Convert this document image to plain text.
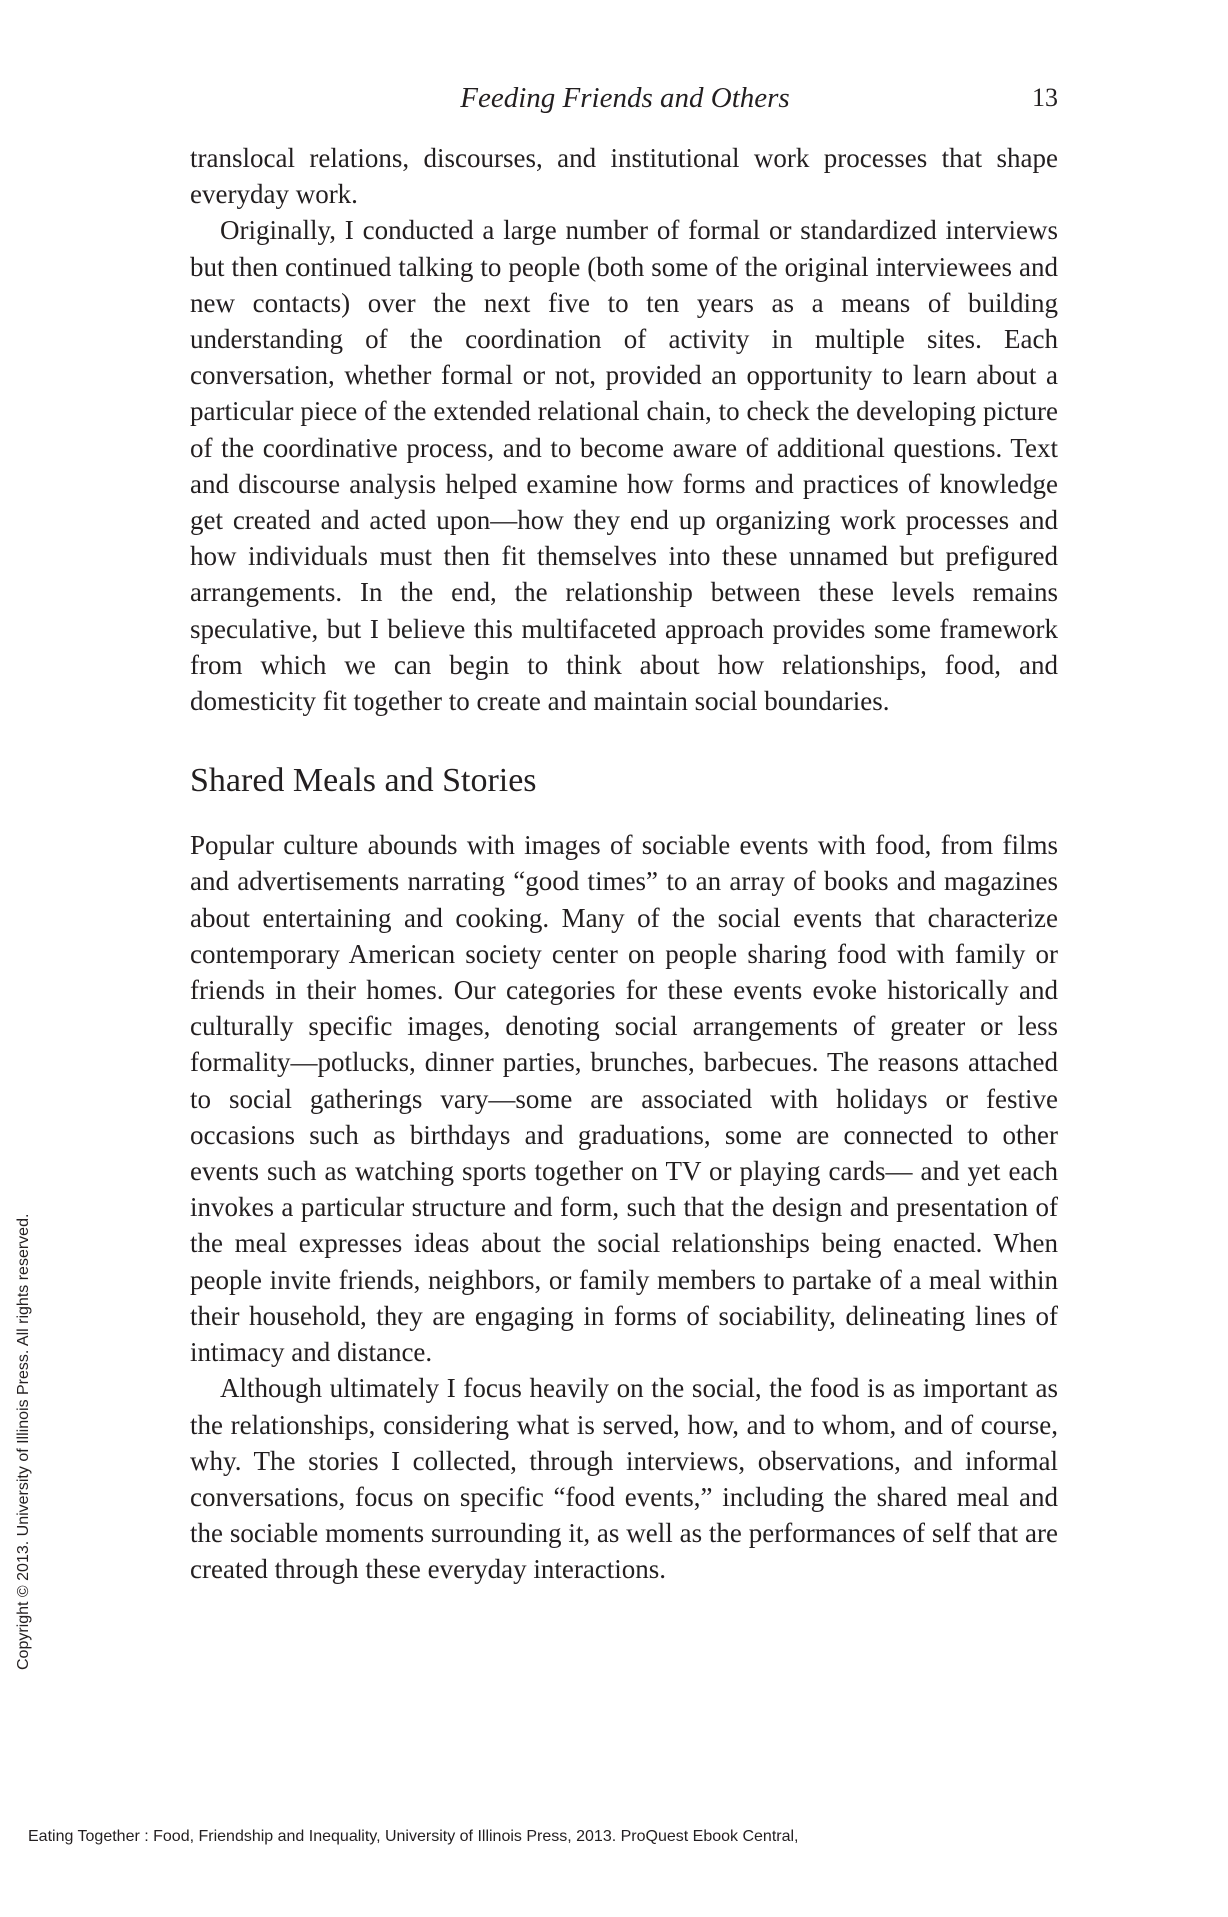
Feeding Friends and Others	13

translocal relations, discourses, and institutional work processes that shape everyday work.

Originally, I conducted a large number of formal or standardized interviews but then continued talking to people (both some of the original interviewees and new contacts) over the next five to ten years as a means of building understanding of the coordination of activity in multiple sites. Each conversation, whether formal or not, provided an opportunity to learn about a particular piece of the extended relational chain, to check the developing picture of the coordinative process, and to become aware of additional questions. Text and discourse analysis helped examine how forms and practices of knowledge get created and acted upon—how they end up organizing work processes and how individuals must then fit themselves into these unnamed but prefigured arrangements. In the end, the relationship between these levels remains speculative, but I believe this multifaceted approach provides some framework from which we can begin to think about how relationships, food, and domesticity fit together to create and maintain social boundaries.

Shared Meals and Stories

Popular culture abounds with images of sociable events with food, from films and advertisements narrating “good times” to an array of books and magazines about entertaining and cooking. Many of the social events that characterize contemporary American society center on people sharing food with family or friends in their homes. Our categories for these events evoke historically and culturally specific images, denoting social arrangements of greater or less formality—potlucks, dinner parties, brunches, barbecues. The reasons attached to social gatherings vary—some are associated with holidays or festive occasions such as birthdays and graduations, some are connected to other events such as watching sports together on TV or playing cards— and yet each invokes a particular structure and form, such that the design and presentation of the meal expresses ideas about the social relationships being enacted. When people invite friends, neighbors, or family members to partake of a meal within their household, they are engaging in forms of sociability, delineating lines of intimacy and distance.

Although ultimately I focus heavily on the social, the food is as important as the relationships, considering what is served, how, and to whom, and of course, why. The stories I collected, through interviews, observations, and informal conversations, focus on specific “food events,” including the shared meal and the sociable moments surrounding it, as well as the performances of self that are created through these everyday interactions.

Copyright © 2013. University of Illinois Press. All rights reserved.
Eating Together : Food, Friendship and Inequality, University of Illinois Press, 2013. ProQuest Ebook Central,
